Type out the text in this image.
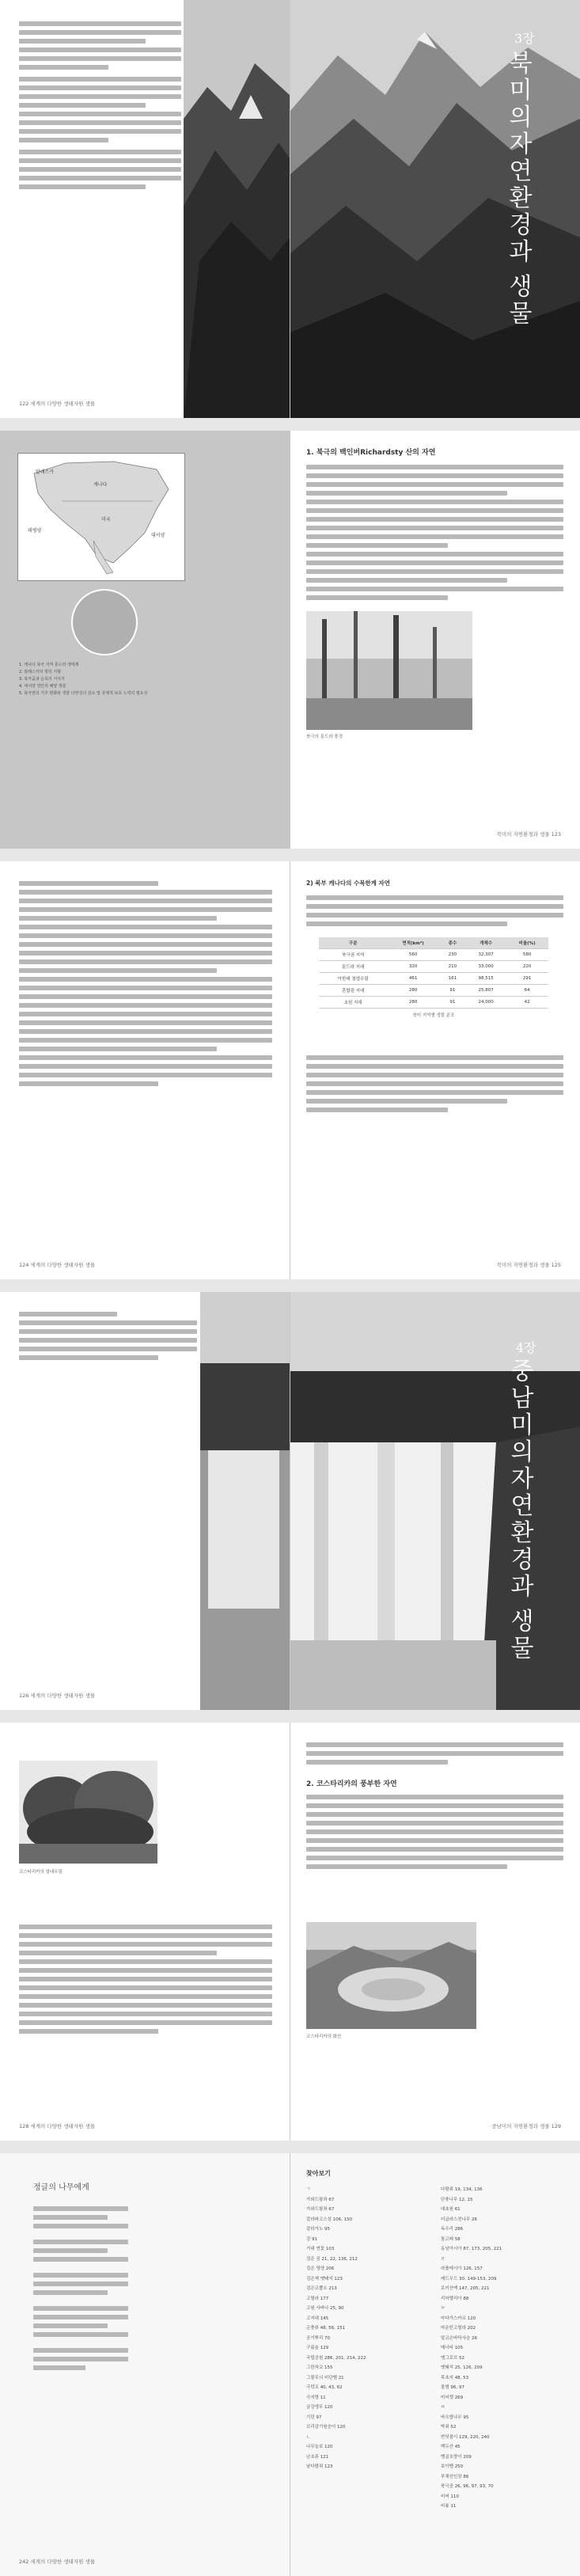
122 세계의 다양한 생태자원 생물
3장
북
미
의
자
연
환
경
과
생
물
알래스카
캐나다
미국
태평양
대서양
1. 캐나다 북극 지역 툰드라 생태계
2. 알래스카의 빙하 지형
3. 북극곰과 순록의 서식지
4. 대서양 연안의 해양 생물
5. 북극권의 기후 변화와 생물 다양성의 감소 및 국제적 보호 노력의 필요성
1. 북극의 백인버Richardsty 산의 자연
북극의 툰드라 풍경
북미의 자연환경과 생물 123
124 세계의 다양한 생태자원 생물
2) 북부 캐나다의 수목한계 자연
구분	면적(km²)	종수	개체수	비율(%)
북극권 지역	560	230	32,307	580
툰드라 지대	320	210	33,000	220
아한대 침엽수림	461	161	98,515	291
혼합림 지대	280	91	25,807	64
초원 지대	280	91	24,000	42
북미 지역별 생물 분포
북미의 자연환경과 생물 125
126 세계의 다양한 생태자원 생물
4장
중
남
미
의
자
연
환
경
과
생
물
코스타리카의 열대우림
128 세계의 다양한 생태자원 생물
2. 코스타리카의 풍부한 자연
코스타리카의 화산
중남미의 자연환경과 생물 129
정글의 나무에게
242 세계의 다양한 생태자원 생물
찾아보기
ㄱ
가와드왕좌 67
가와드왕좌 67
갈라파고스섬 106, 150
갈라가노 95
강 91
거대 연꽃 103
검은 곰 21, 22, 136, 212
검은 영양 206
검은색 멧돼지 123
검은코뿔소 213
고릴라 177
고원 사바나 25, 90
고지대 145
곤충류 48, 56, 151
공기뿌리 70
구름숲 129
국립공원 286, 201, 214, 222
그란차코 155
그물무늬 비단뱀 21
극락조 40, 43, 62
극지방 11
금강앵무 120
기린 97
꼬리감기원숭이 120
ㄴ
나무늘보 120
난초류 121
날다람쥐 123
다람쥐 19, 134, 136
단풍나무 12, 15
대초원 61
더글라스전나무 26
독수리 286
돌고래 58
동남아시아 87, 173, 205, 221
ㄹ
라플레시아 126, 157
레드우드 30, 149-153, 209
로키산맥 147, 205, 221
리마멜리아 88
ㅁ
마다가스카르 120
마운틴고릴라 202
말코손바닥사슴 26
매너티 105
맹그로브 52
멧돼지 25, 126, 209
목초지 48, 53
물범 96, 97
미어캣 269
ㅂ
바오밥나무 95
박쥐 52
반딧불이 129, 220, 240
백두산 45
벵골호랑이 209
보아뱀 250
부채선인장 86
북극곰 26, 96, 97, 93, 70
비버 110
비룡 11
